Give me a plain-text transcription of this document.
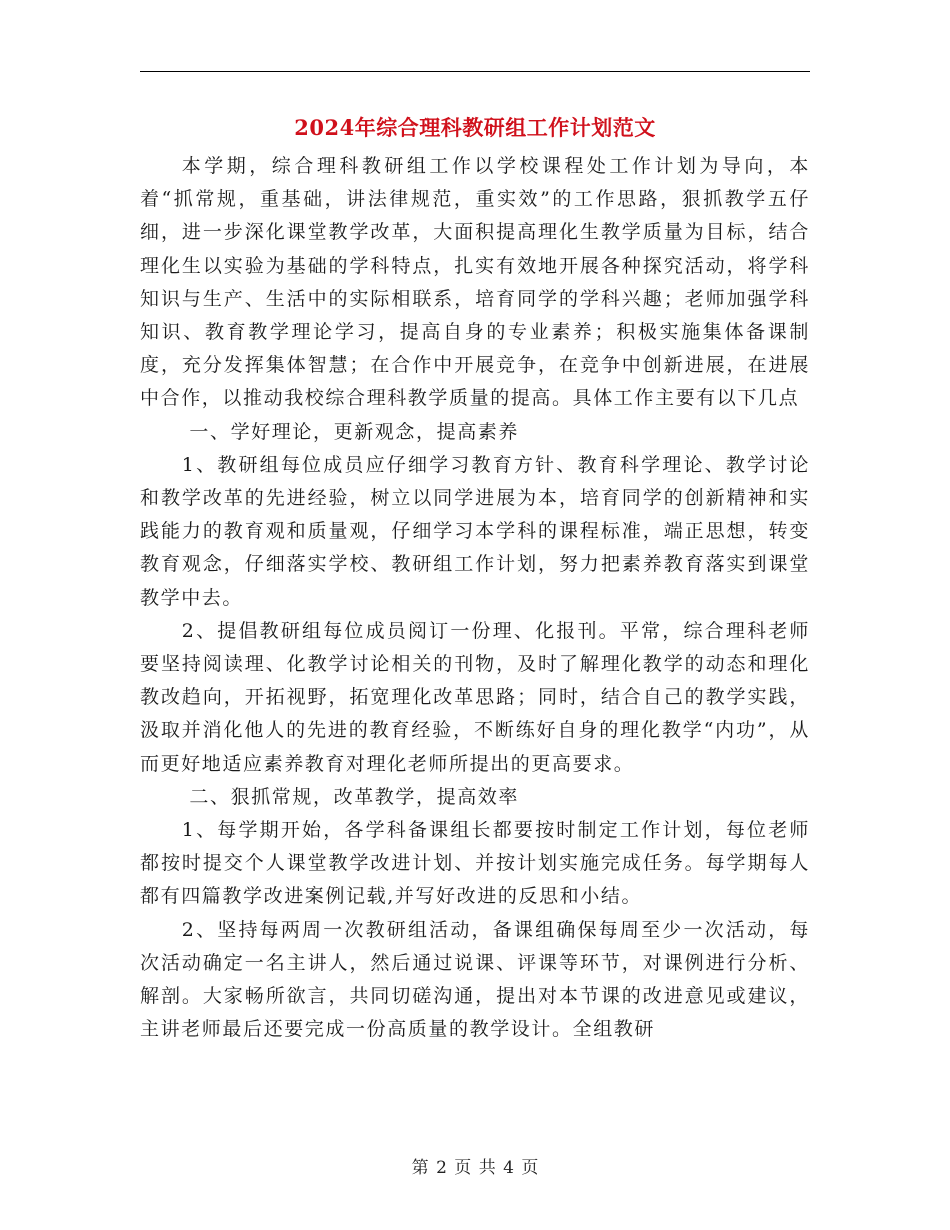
2024年综合理科教研组工作计划范文

本学期，综合理科教研组工作以学校课程处工作计划为导向，本着“抓常规，重基础，讲法律规范，重实效”的工作思路，狠抓教学五仔细，进一步深化课堂教学改革，大面积提高理化生教学质量为目标，结合理化生以实验为基础的学科特点，扎实有效地开展各种探究活动，将学科知识与生产、生活中的实际相联系，培育同学的学科兴趣；老师加强学科知识、教育教学理论学习，提高自身的专业素养；积极实施集体备课制度，充分发挥集体智慧；在合作中开展竞争，在竞争中创新进展，在进展中合作，以推动我校综合理科教学质量的提高。具体工作主要有以下几点

一、学好理论，更新观念，提高素养

1、教研组每位成员应仔细学习教育方针、教育科学理论、教学讨论和教学改革的先进经验，树立以同学进展为本，培育同学的创新精神和实践能力的教育观和质量观，仔细学习本学科的课程标准，端正思想，转变教育观念，仔细落实学校、教研组工作计划，努力把素养教育落实到课堂教学中去。

2、提倡教研组每位成员阅订一份理、化报刊。平常，综合理科老师要坚持阅读理、化教学讨论相关的刊物，及时了解理化教学的动态和理化教改趋向，开拓视野，拓宽理化改革思路；同时，结合自己的教学实践，汲取并消化他人的先进的教育经验，不断练好自身的理化教学“内功”，从而更好地适应素养教育对理化老师所提出的更高要求。

二、狠抓常规，改革教学，提高效率

1、每学期开始，各学科备课组长都要按时制定工作计划，每位老师都按时提交个人课堂教学改进计划、并按计划实施完成任务。每学期每人都有四篇教学改进案例记载,并写好改进的反思和小结。

2、坚持每两周一次教研组活动，备课组确保每周至少一次活动，每次活动确定一名主讲人，然后通过说课、评课等环节，对课例进行分析、解剖。大家畅所欲言，共同切磋沟通，提出对本节课的改进意见或建议，主讲老师最后还要完成一份高质量的教学设计。全组教研

第 2 页 共 4 页
